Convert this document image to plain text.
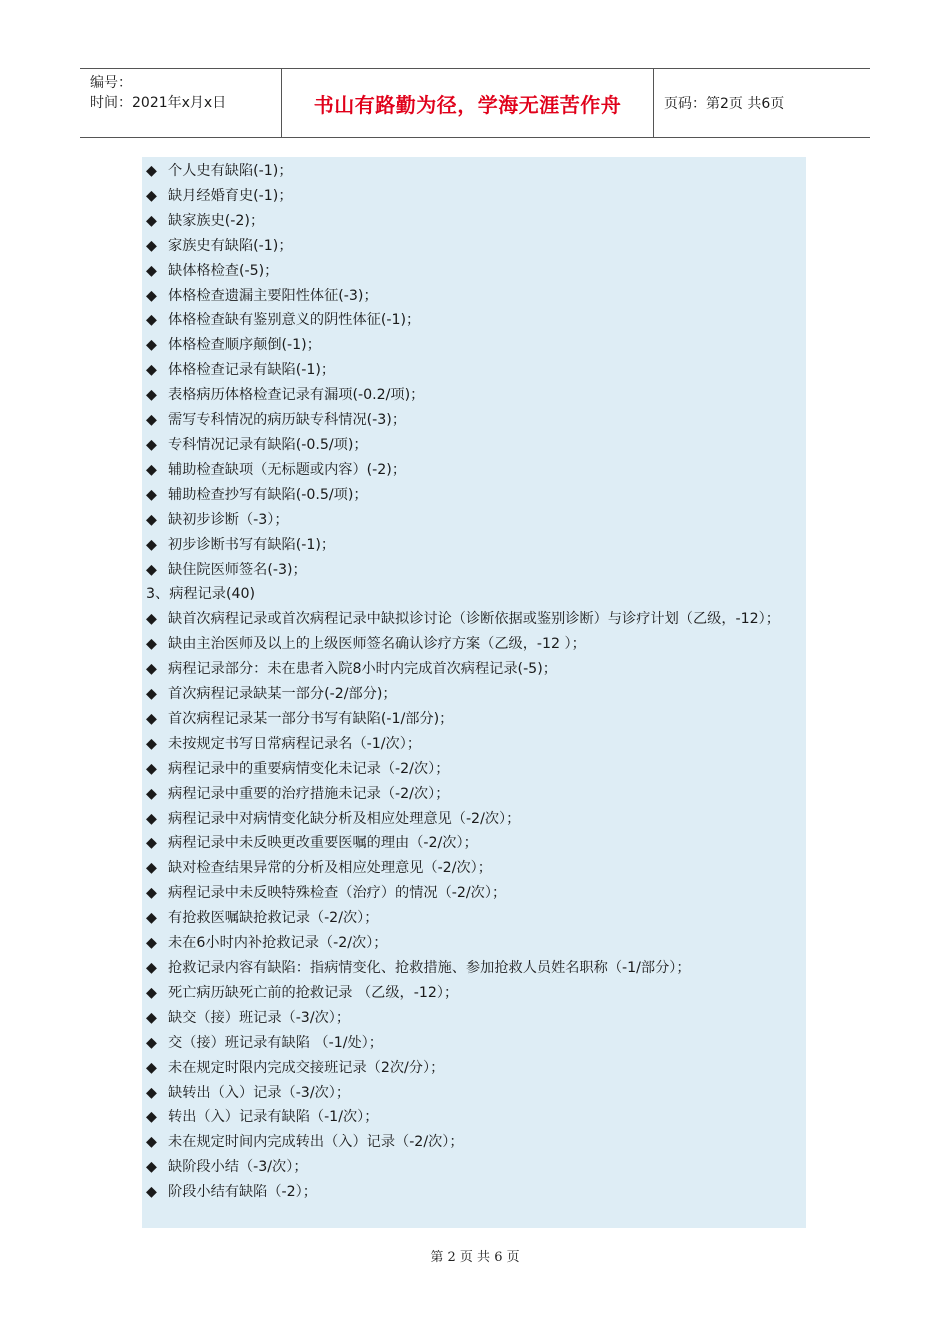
编号：
时间：2021年x月x日	书山有路勤为径，学海无涯苦作舟	页码：第2页 共6页
◆ 个人史有缺陷(-1)；
◆ 缺月经婚育史(-1)；
◆ 缺家族史(-2)；
◆ 家族史有缺陷(-1)；
◆ 缺体格检查(-5)；
◆ 体格检查遗漏主要阳性体征(-3)；
◆ 体格检查缺有鉴别意义的阴性体征(-1)；
◆ 体格检查顺序颠倒(-1)；
◆ 体格检查记录有缺陷(-1)；
◆ 表格病历体格检查记录有漏项(-0.2/项)；
◆ 需写专科情况的病历缺专科情况(-3)；
◆ 专科情况记录有缺陷(-0.5/项)；
◆ 辅助检查缺项（无标题或内容）(-2)；
◆ 辅助检查抄写有缺陷(-0.5/项)；
◆ 缺初步诊断（-3）；
◆ 初步诊断书写有缺陷(-1)；
◆ 缺住院医师签名(-3)；
3、病程记录(40)
◆ 缺首次病程记录或首次病程记录中缺拟诊讨论（诊断依据或鉴别诊断）与诊疗计划（乙级，-12）；
◆ 缺由主治医师及以上的上级医师签名确认诊疗方案（乙级，-12 ）；
◆ 病程记录部分：未在患者入院8小时内完成首次病程记录(-5)；
◆ 首次病程记录缺某一部分(-2/部分)；
◆ 首次病程记录某一部分书写有缺陷(-1/部分)；
◆ 未按规定书写日常病程记录名（-1/次）；
◆ 病程记录中的重要病情变化未记录（-2/次）；
◆ 病程记录中重要的治疗措施未记录（-2/次）；
◆ 病程记录中对病情变化缺分析及相应处理意见（-2/次）；
◆ 病程记录中未反映更改重要医嘱的理由（-2/次）；
◆ 缺对检查结果异常的分析及相应处理意见（-2/次）；
◆ 病程记录中未反映特殊检查（治疗）的情况（-2/次）；
◆ 有抢救医嘱缺抢救记录（-2/次）；
◆ 未在6小时内补抢救记录（-2/次）；
◆ 抢救记录内容有缺陷：指病情变化、抢救措施、参加抢救人员姓名职称（-1/部分）；
◆ 死亡病历缺死亡前的抢救记录 （乙级，-12）；
◆ 缺交（接）班记录（-3/次）；
◆ 交（接）班记录有缺陷 （-1/处）；
◆ 未在规定时限内完成交接班记录（2次/分）；
◆ 缺转出（入）记录（-3/次）；
◆ 转出（入）记录有缺陷（-1/次）；
◆ 未在规定时间内完成转出（入）记录（-2/次）；
◆ 缺阶段小结（-3/次）；
◆ 阶段小结有缺陷（-2）；
第 2 页 共 6 页
